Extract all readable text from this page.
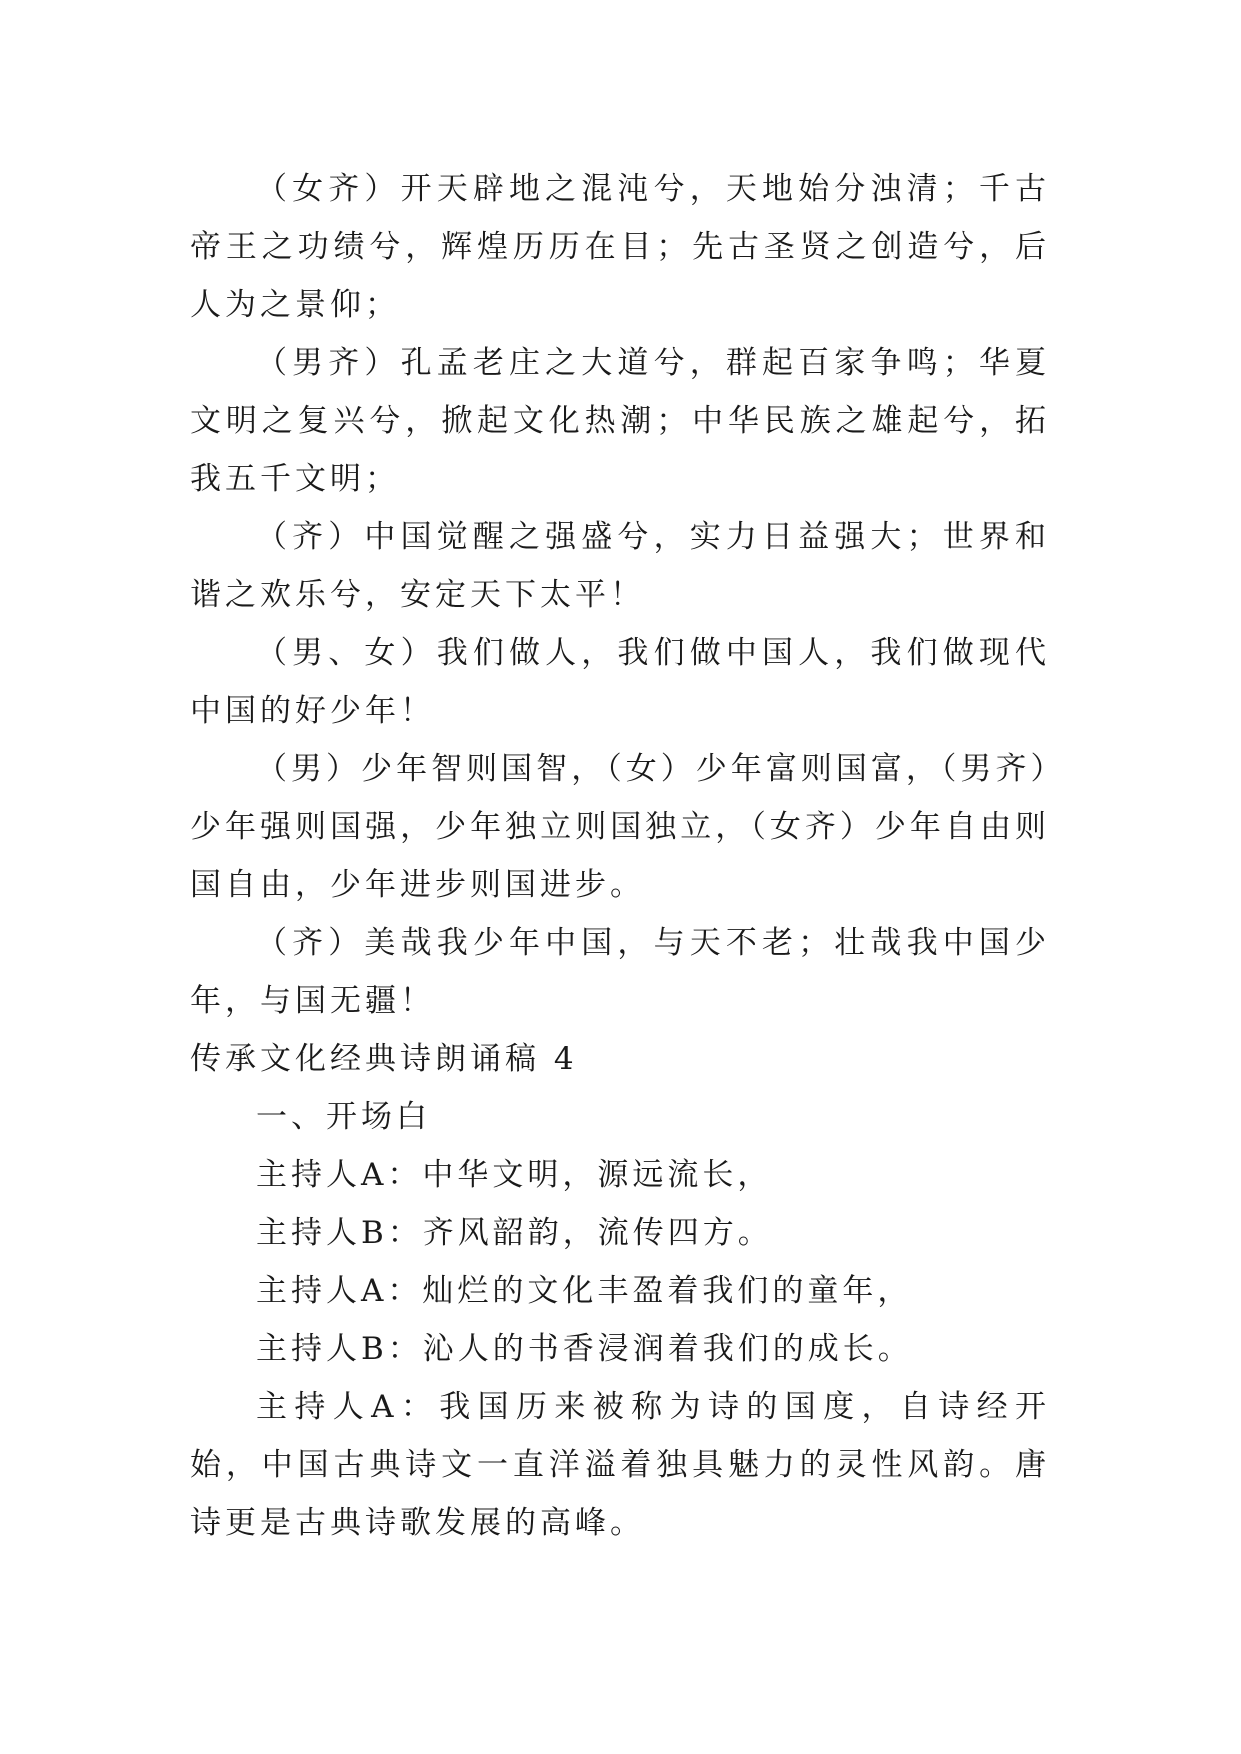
（女齐）开天辟地之混沌兮，天地始分浊清；千古帝王之功绩兮，辉煌历历在目；先古圣贤之创造兮，后人为之景仰；

（男齐）孔孟老庄之大道兮，群起百家争鸣；华夏文明之复兴兮，掀起文化热潮；中华民族之雄起兮，拓我五千文明；

（齐）中国觉醒之强盛兮，实力日益强大；世界和谐之欢乐兮，安定天下太平！

（男、女）我们做人，我们做中国人，我们做现代中国的好少年！

（男）少年智则国智，（女）少年富则国富，（男齐）少年强则国强，少年独立则国独立，（女齐）少年自由则国自由，少年进步则国进步。

（齐）美哉我少年中国，与天不老；壮哉我中国少年，与国无疆！

传承文化经典诗朗诵稿 4

一、开场白

主持人A：中华文明，源远流长，

主持人B：齐风韶韵，流传四方。

主持人A：灿烂的文化丰盈着我们的童年，

主持人B：沁人的书香浸润着我们的成长。

主持人A：我国历来被称为诗的国度，自诗经开始，中国古典诗文一直洋溢着独具魅力的灵性风韵。唐诗更是古典诗歌发展的高峰。
